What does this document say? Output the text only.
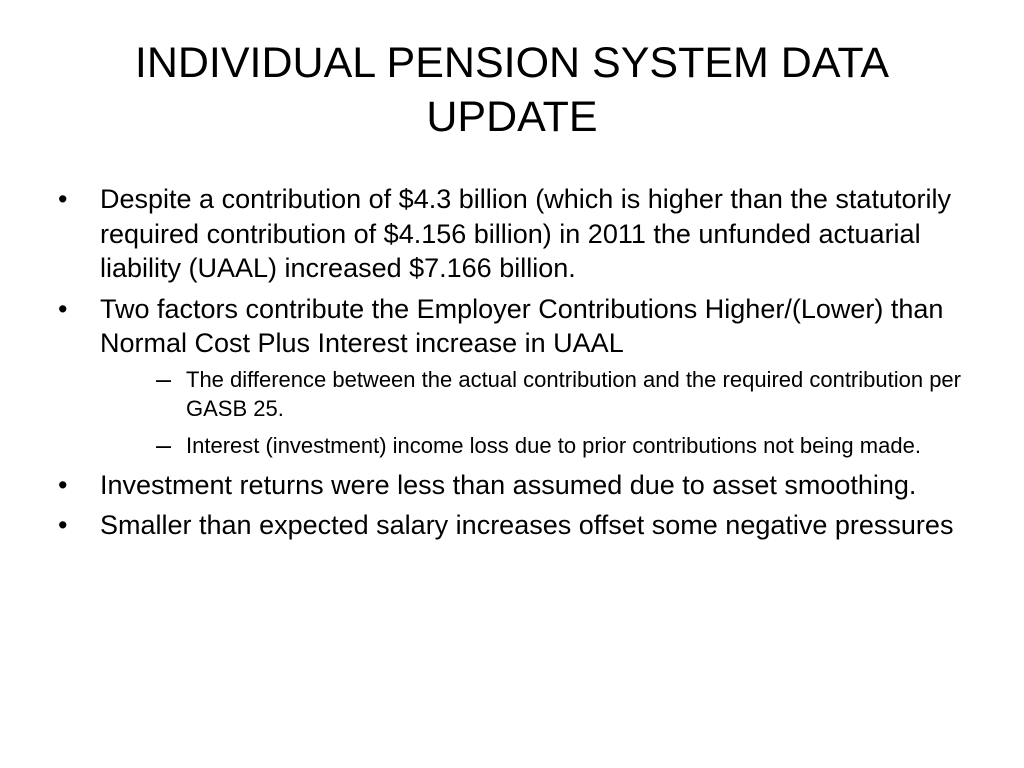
INDIVIDUAL PENSION SYSTEM DATA UPDATE
•	Despite a contribution of $4.3 billion (which is higher than the statutorily required contribution of $4.156 billion) in 2011 the unfunded actuarial liability (UAAL) increased $7.166 billion.
•	Two factors contribute the Employer Contributions Higher/(Lower) than Normal Cost Plus Interest increase in UAAL
– The difference between the actual contribution and the required contribution per GASB 25.
– Interest (investment) income loss due to prior contributions not being made.
•	Investment returns were less than assumed due to asset smoothing.
•	Smaller than expected salary increases offset some negative pressures
